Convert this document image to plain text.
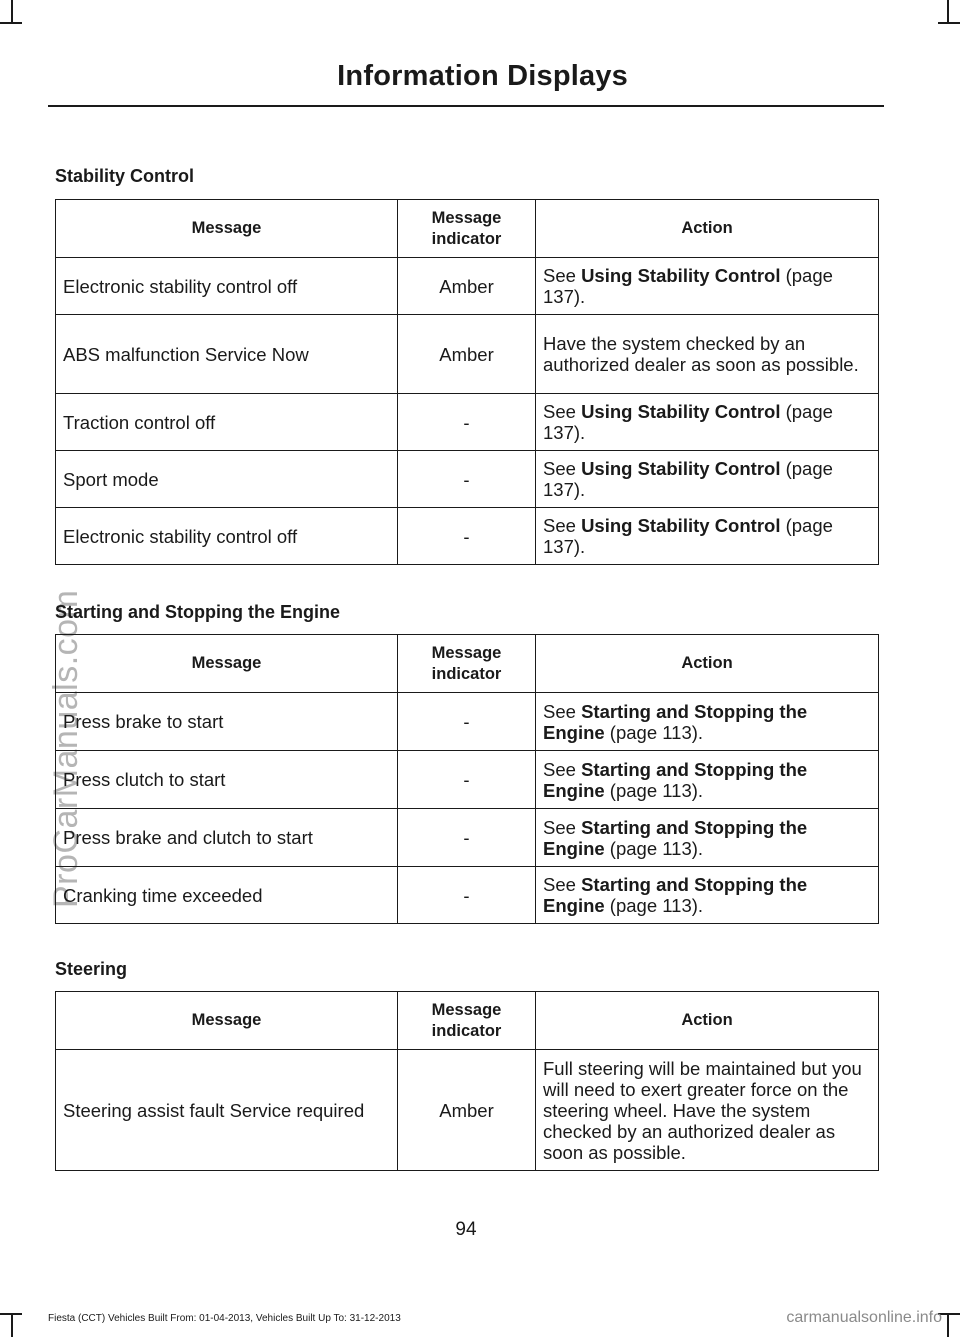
Information Displays
ProCarManuals.com
Stability Control
Message	Message indicator	Action
Electronic stability control off	Amber	See Using Stability Control (page 137).
ABS malfunction Service Now	Amber	Have the system checked by an authorized dealer as soon as possible.
Traction control off	-	See Using Stability Control (page 137).
Sport mode	-	See Using Stability Control (page 137).
Electronic stability control off	-	See Using Stability Control (page 137).
Starting and Stopping the Engine
Message	Message indicator	Action
Press brake to start	-	See Starting and Stopping the Engine (page 113).
Press clutch to start	-	See Starting and Stopping the Engine (page 113).
Press brake and clutch to start	-	See Starting and Stopping the Engine (page 113).
Cranking time exceeded	-	See Starting and Stopping the Engine (page 113).
Steering
Message	Message indicator	Action
Steering assist fault Service required	Amber	Full steering will be maintained but you will need to exert greater force on the steering wheel. Have the system checked by an authorized dealer as soon as possible.
94
Fiesta (CCT) Vehicles Built From: 01-04-2013, Vehicles Built Up To: 31-12-2013	carmanualsonline.info
